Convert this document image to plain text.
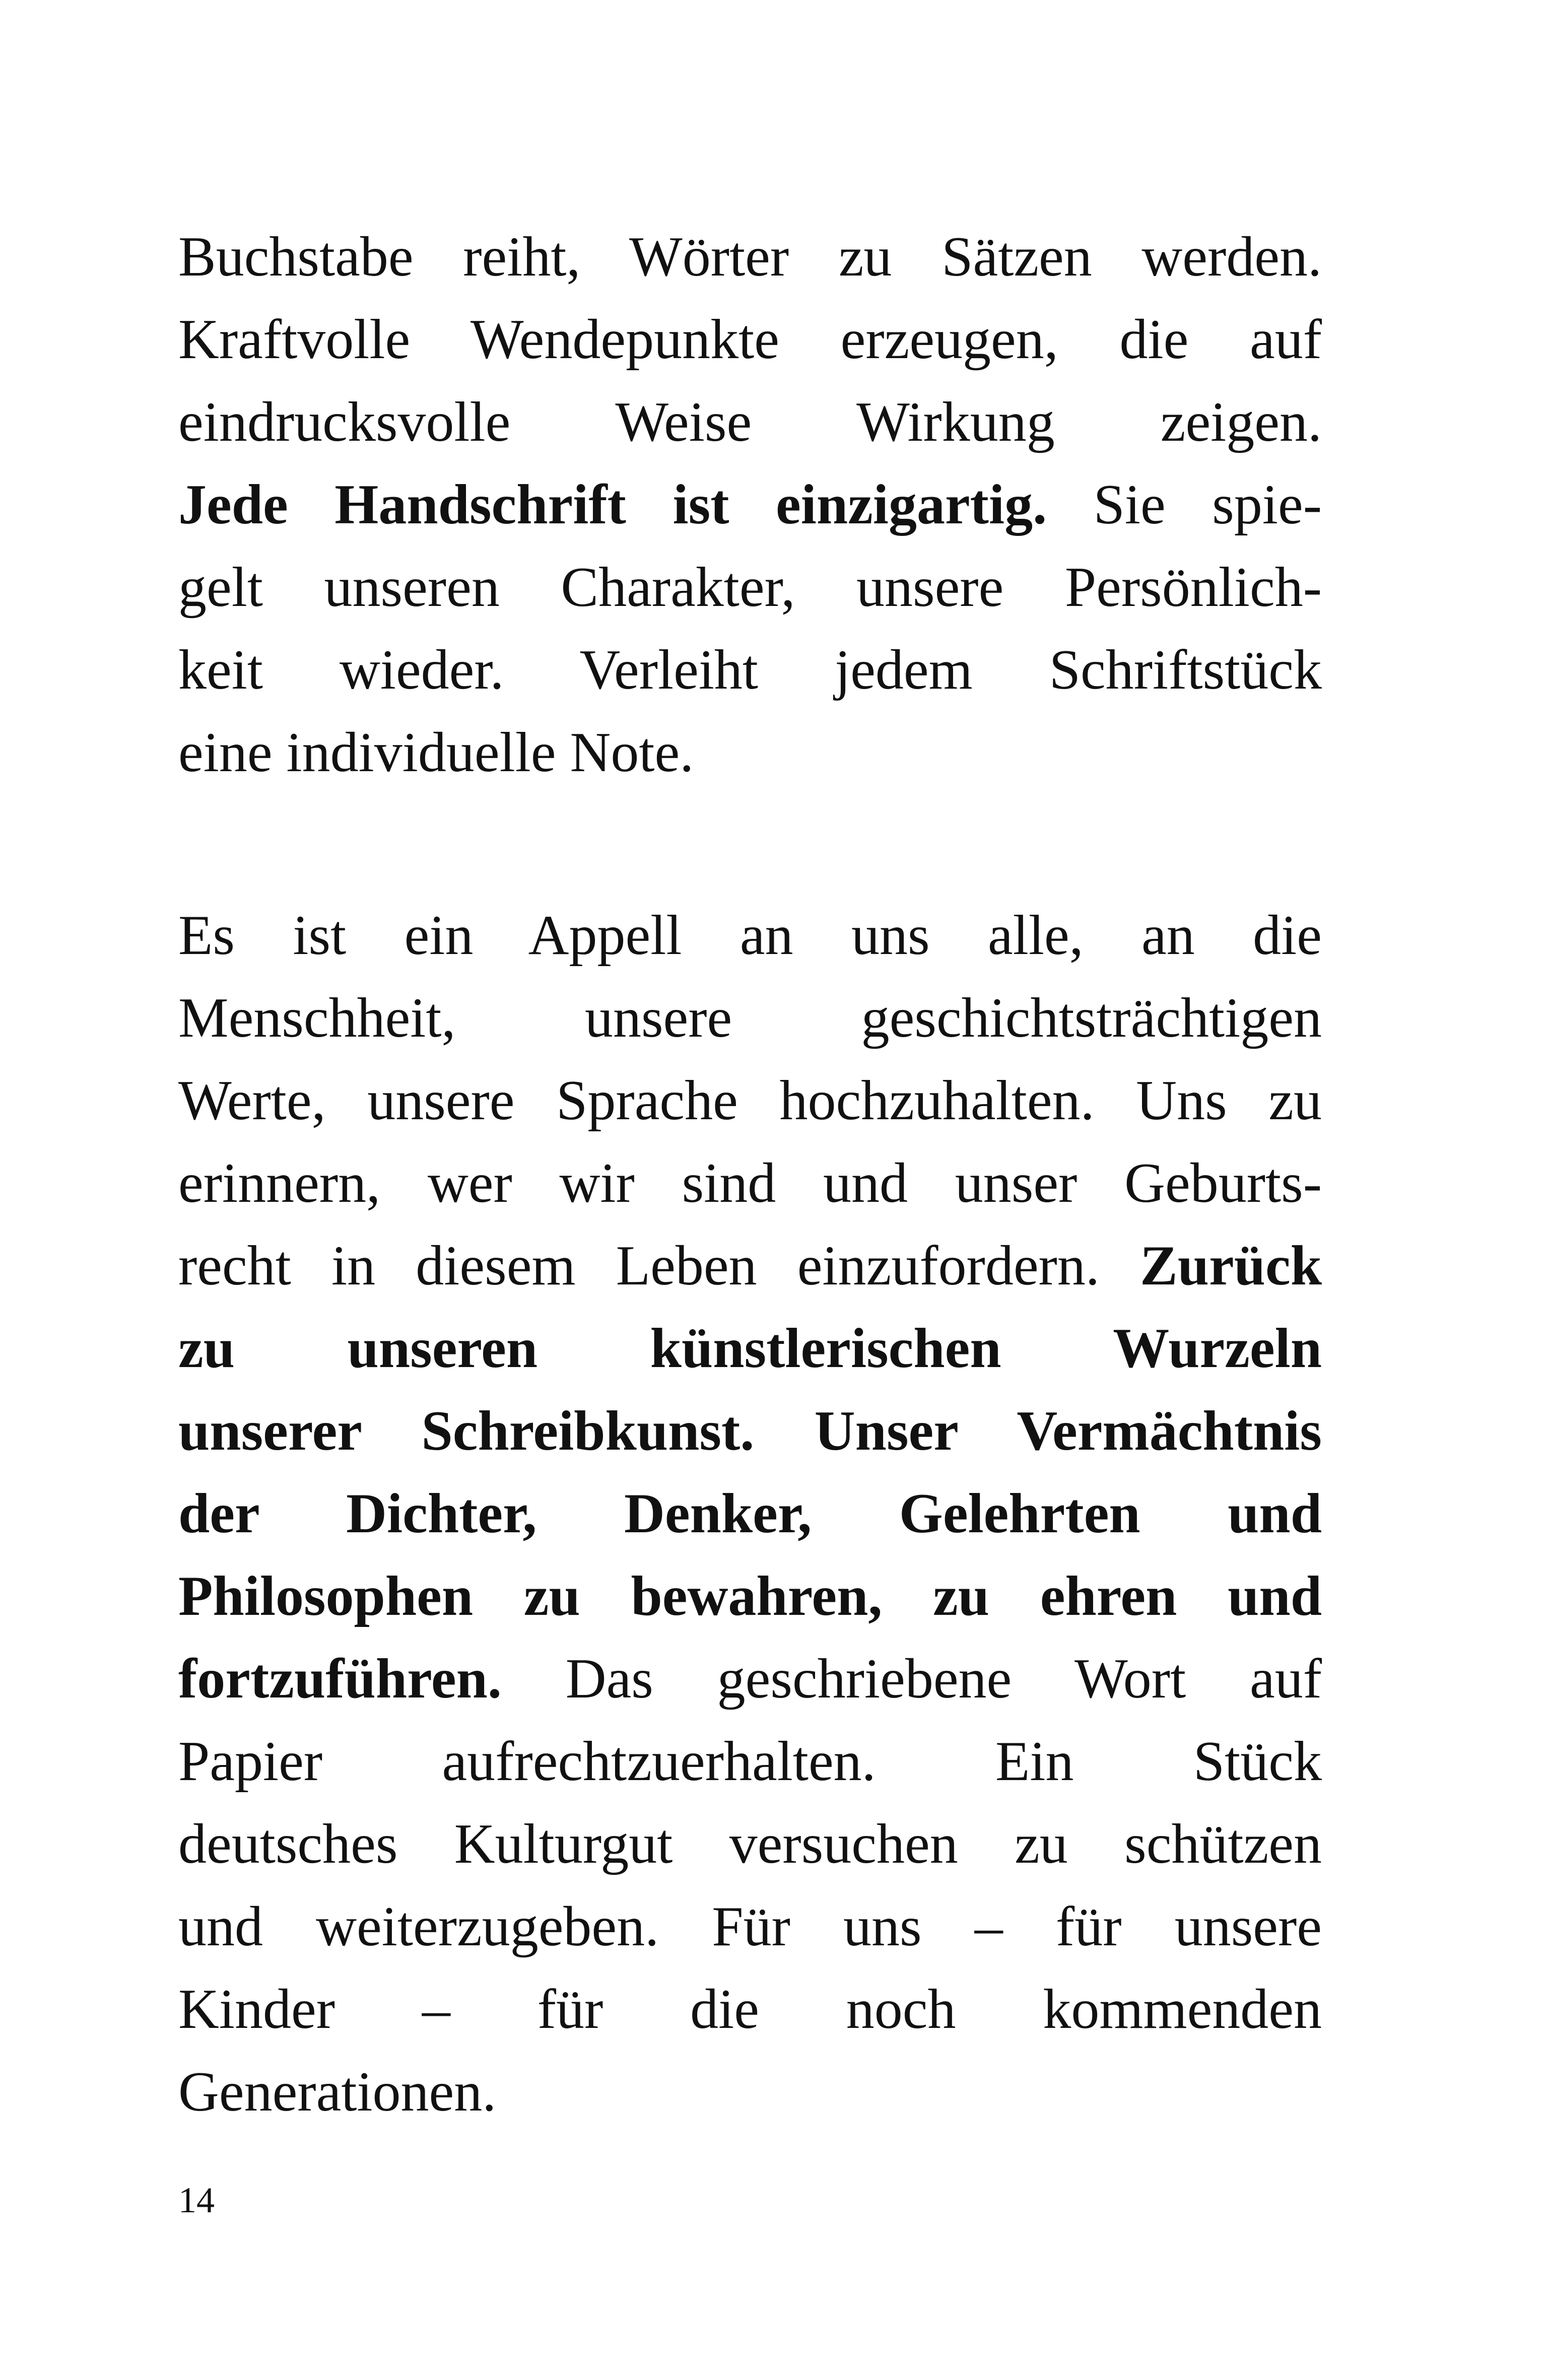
Buchstabe reiht, Wörter zu Sätzen werden.
Kraftvolle Wendepunkte erzeugen, die auf
eindrucksvolle Weise Wirkung zeigen.
Jede Handschrift ist einzigartig. Sie spie-
gelt unseren Charakter, unsere Persönlich-
keit wieder. Verleiht jedem Schriftstück
eine individuelle Note.
Es ist ein Appell an uns alle, an die
Menschheit, unsere geschichtsträchtigen
Werte, unsere Sprache hochzuhalten. Uns zu
erinnern, wer wir sind und unser Geburts-
recht in diesem Leben einzufordern. Zurück
zu unseren künstlerischen Wurzeln
unserer Schreibkunst. Unser Vermächtnis
der Dichter, Denker, Gelehrten und
Philosophen zu bewahren, zu ehren und
fortzuführen. Das geschriebene Wort auf
Papier aufrechtzuerhalten. Ein Stück
deutsches Kulturgut versuchen zu schützen
und weiterzugeben. Für uns – für unsere
Kinder – für die noch kommenden
Generationen.
14
